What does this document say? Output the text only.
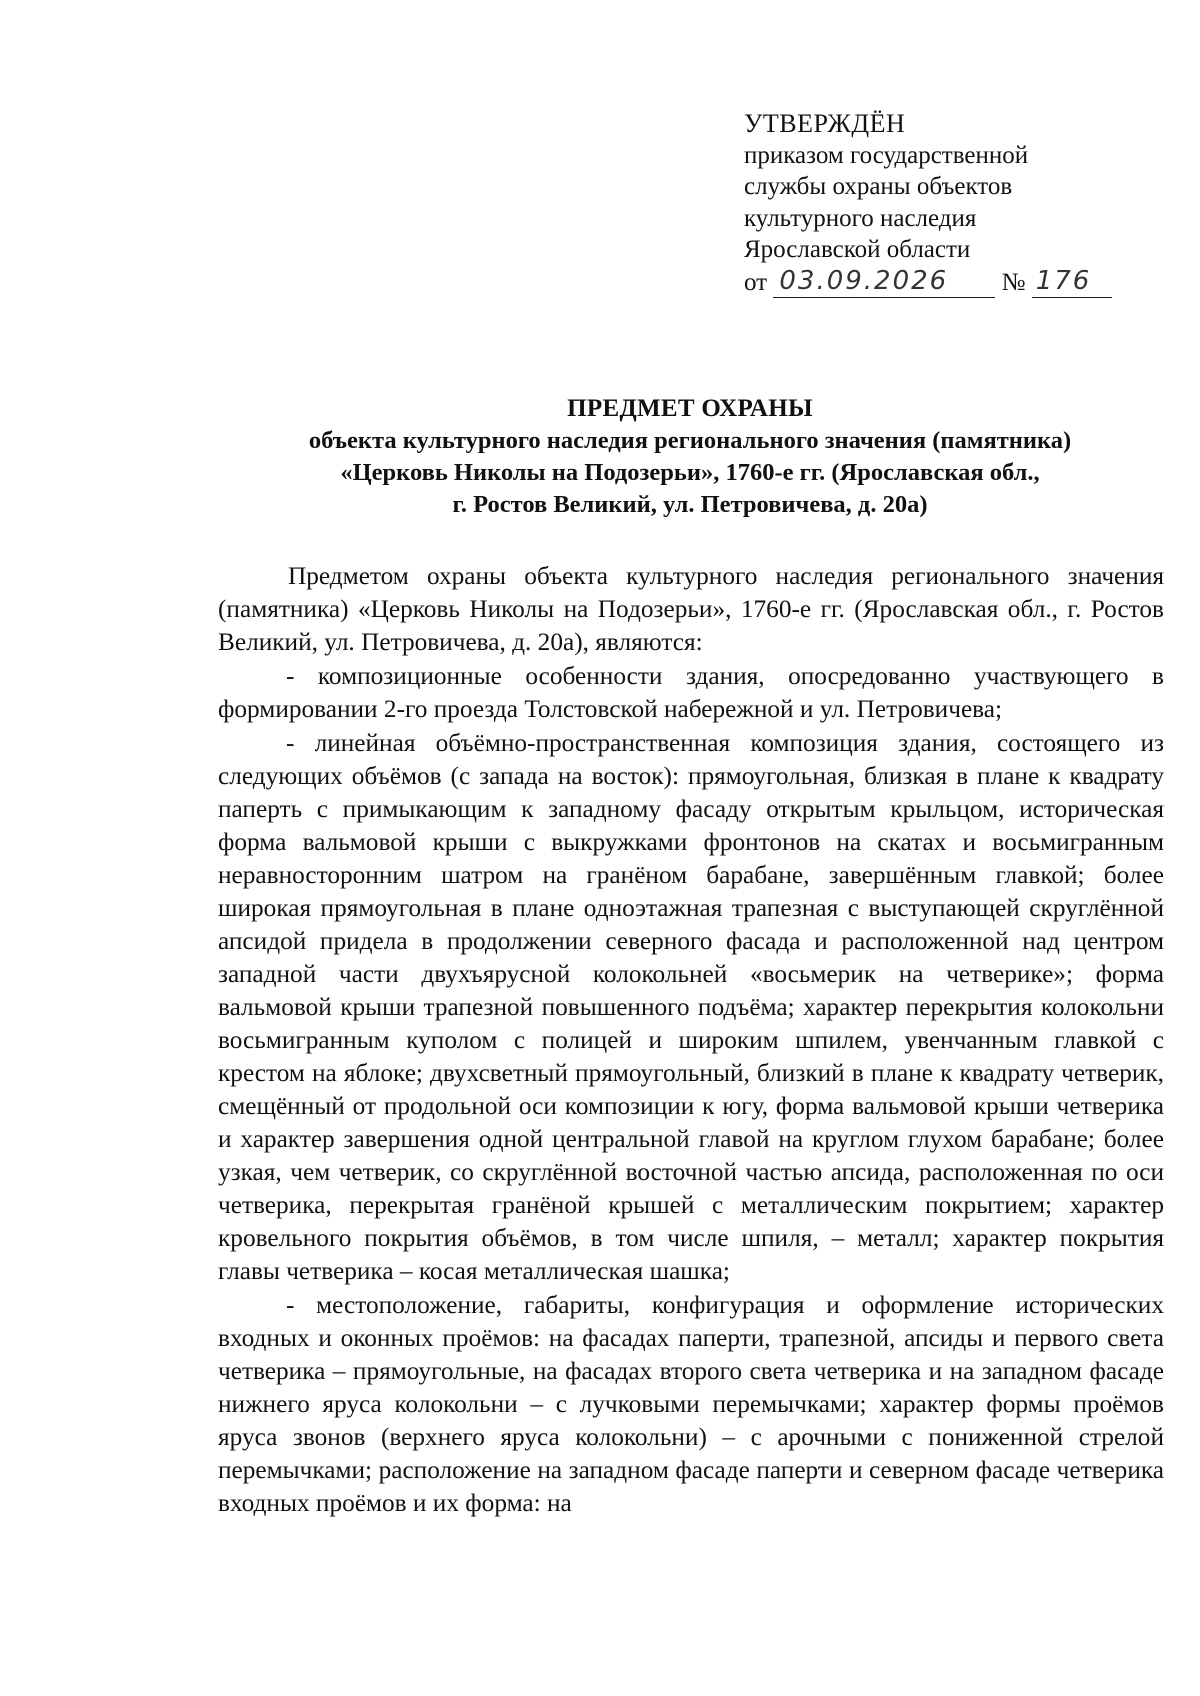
УТВЕРЖДЁН
приказом государственной
службы охраны объектов
культурного наследия
Ярославской области
от 03.09.2026 № 176
ПРЕДМЕТ ОХРАНЫ
объекта культурного наследия регионального значения (памятника)
«Церковь Николы на Подозерьи», 1760-е гг. (Ярославская обл.,
г. Ростов Великий, ул. Петровичева, д. 20а)

Предметом охраны объекта культурного наследия регионального значения (памятника) «Церковь Николы на Подозерьи», 1760-е гг. (Ярославская обл., г. Ростов Великий, ул. Петровичева, д. 20а), являются:

- композиционные особенности здания, опосредованно участвующего в формировании 2-го проезда Толстовской набережной и ул. Петровичева;

- линейная объёмно-пространственная композиция здания, состоящего из следующих объёмов (с запада на восток): прямоугольная, близкая в плане к квадрату паперть с примыкающим к западному фасаду открытым крыльцом, историческая форма вальмовой крыши с выкружками фронтонов на скатах и восьмигранным неравносторонним шатром на гранёном барабане, завершённым главкой; более широкая прямоугольная в плане одноэтажная трапезная с выступающей скруглённой апсидой придела в продолжении северного фасада и расположенной над центром западной части двухъярусной колокольней «восьмерик на четверике»; форма вальмовой крыши трапезной повышенного подъёма; характер перекрытия колокольни восьмигранным куполом с полицей и широким шпилем, увенчанным главкой с крестом на яблоке; двухсветный прямоугольный, близкий в плане к квадрату четверик, смещённый от продольной оси композиции к югу, форма вальмовой крыши четверика и характер завершения одной центральной главой на круглом глухом барабане; более узкая, чем четверик, со скруглённой восточной частью апсида, расположенная по оси четверика, перекрытая гранёной крышей с металлическим покрытием; характер кровельного покрытия объёмов, в том числе шпиля, – металл; характер покрытия главы четверика – косая металлическая шашка;

- местоположение, габариты, конфигурация и оформление исторических входных и оконных проёмов: на фасадах паперти, трапезной, апсиды и первого света четверика – прямоугольные, на фасадах второго света четверика и на западном фасаде нижнего яруса колокольни – с лучковыми перемычками; характер формы проёмов яруса звонов (верхнего яруса колокольни) – с арочными с пониженной стрелой перемычками; расположение на западном фасаде паперти и северном фасаде четверика входных проёмов и их форма: на
